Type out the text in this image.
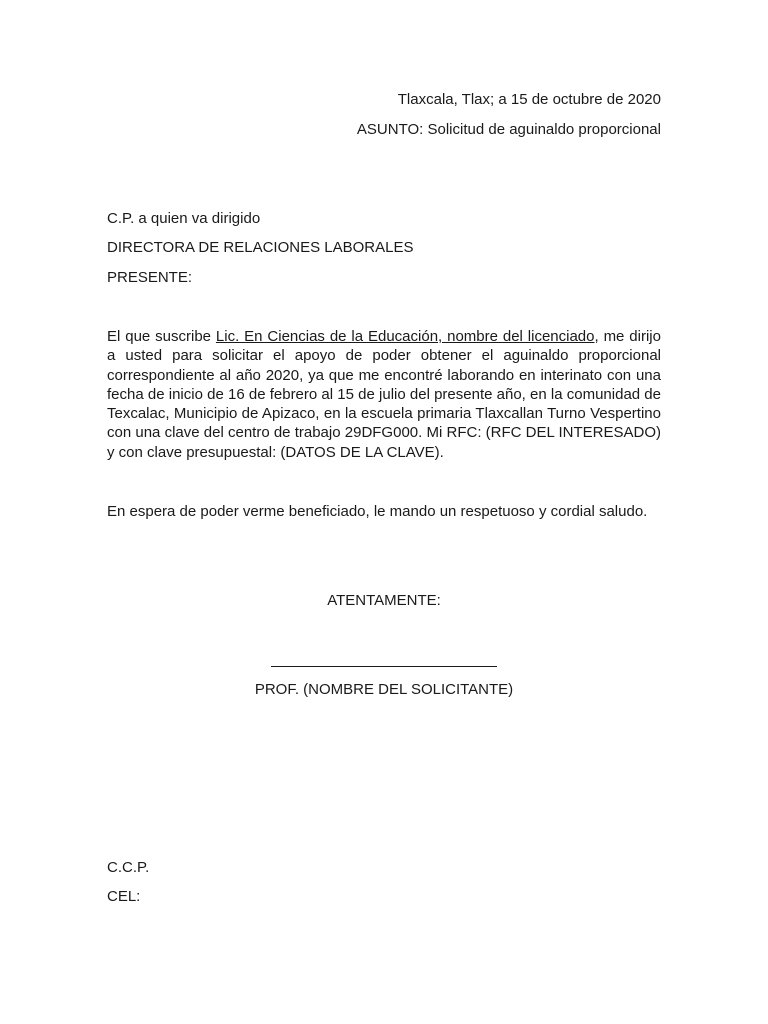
Tlaxcala, Tlax; a 15 de octubre de 2020
ASUNTO: Solicitud de aguinaldo proporcional
C.P. a quien va dirigido
DIRECTORA DE RELACIONES LABORALES
PRESENTE:
El que suscribe Lic. En Ciencias de la Educación, nombre del licenciado, me dirijo a usted para solicitar el apoyo de poder obtener el aguinaldo proporcional correspondiente al año 2020, ya que me encontré laborando en interinato con una fecha de inicio de 16 de febrero al 15 de julio del presente año, en la comunidad de Texcalac, Municipio de Apizaco, en la escuela primaria Tlaxcallan Turno Vespertino con una clave del centro de trabajo 29DFG000. Mi RFC: (RFC DEL INTERESADO) y con clave presupuestal: (DATOS DE LA CLAVE).
En espera de poder verme beneficiado, le mando un respetuoso y cordial saludo.
ATENTAMENTE:
PROF. (NOMBRE DEL SOLICITANTE)
C.C.P.
CEL:
